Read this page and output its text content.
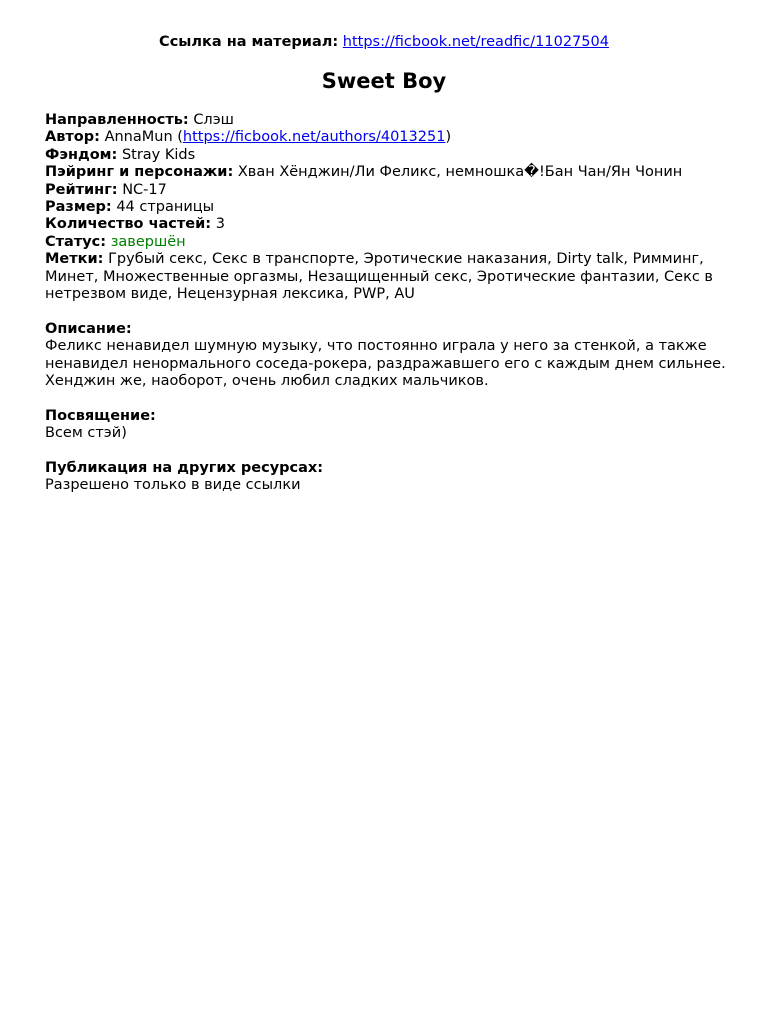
Ссылка на материал: https://ficbook.net/readfic/11027504
Sweet Boy
Направленность: Слэш
Автор: AnnaMun (https://ficbook.net/authors/4013251)
Фэндом: Stray Kids
Пэйринг и персонажи: Хван Хёнджин/Ли Феликс, немношка�!Бан Чан/Ян Чонин
Рейтинг: NC-17
Размер: 44 страницы
Количество частей: 3
Статус: завершён
Метки: Грубый секс, Секс в транспорте, Эротические наказания, Dirty talk, Римминг, Минет, Множественные оргазмы, Незащищенный секс, Эротические фантазии, Секс в нетрезвом виде, Нецензурная лексика, PWP, AU
Описание:
Феликс ненавидел шумную музыку, что постоянно играла у него за стенкой, а также ненавидел ненормального соседа-рокера, раздражавшего его с каждым днем сильнее. Хенджин же, наоборот, очень любил сладких мальчиков.
Посвящение:
Всем стэй)
Публикация на других ресурсах:
Разрешено только в виде ссылки
